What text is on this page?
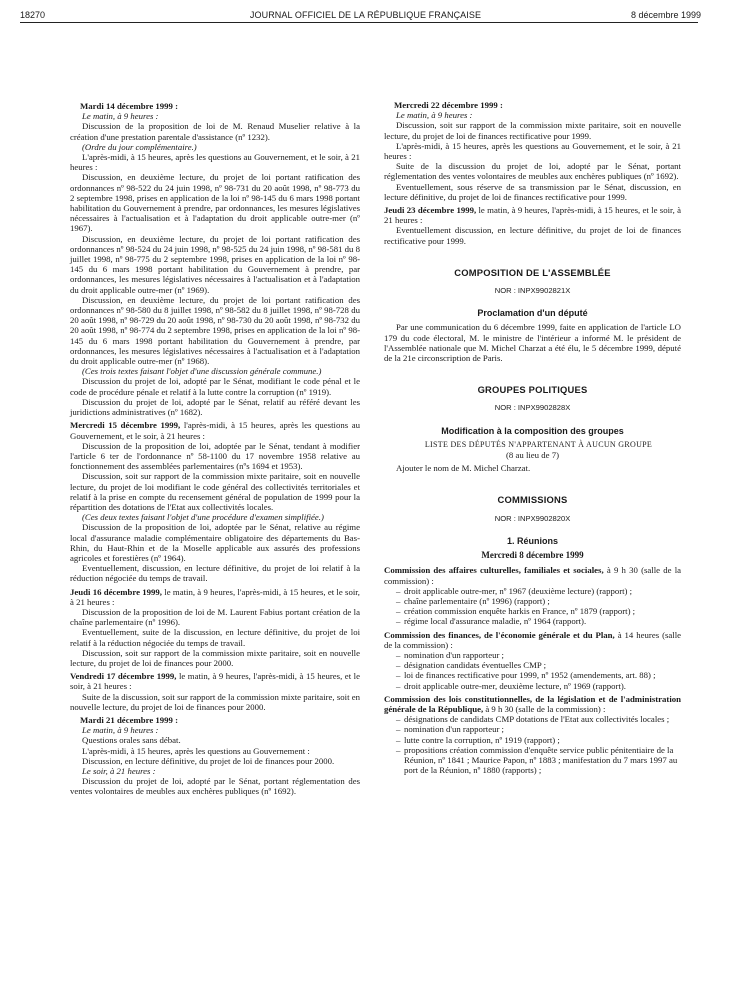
18270	JOURNAL OFFICIEL DE LA RÉPUBLIQUE FRANÇAISE	8 décembre 1999

Mardi 14 décembre 1999 :

Le matin, à 9 heures :

Discussion de la proposition de loi de M. Renaud Muselier relative à la création d'une prestation parentale d'assistance (nº 1232).

(Ordre du jour complémentaire.)

L'après-midi, à 15 heures, après les questions au Gouvernement, et le soir, à 21 heures :

Discussion, en deuxième lecture, du projet de loi portant ratification des ordonnances nº 98-522 du 24 juin 1998, nº 98-731 du 20 août 1998, nº 98-773 du 2 septembre 1998, prises en application de la loi nº 98-145 du 6 mars 1998 portant habilitation du Gouvernement à prendre, par ordonnances, les mesures législatives nécessaires à l'actualisation et à l'adaptation du droit applicable outre-mer (nº 1967).

Discussion, en deuxième lecture, du projet de loi portant ratification des ordonnances nº 98-524 du 24 juin 1998, nº 98-525 du 24 juin 1998, nº 98-581 du 8 juillet 1998, nº 98-775 du 2 septembre 1998, prises en application de la loi nº 98-145 du 6 mars 1998 portant habilitation du Gouvernement à prendre, par ordonnances, les mesures législatives nécessaires à l'actualisation et à l'adaptation du droit applicable outre-mer (nº 1969).

Discussion, en deuxième lecture, du projet de loi portant ratification des ordonnances nº 98-580 du 8 juillet 1998, nº 98-582 du 8 juillet 1998, nº 98-728 du 20 août 1998, nº 98-729 du 20 août 1998, nº 98-730 du 20 août 1998, nº 98-732 du 20 août 1998, nº 98-774 du 2 septembre 1998, prises en application de la loi nº 98-145 du 6 mars 1998 portant habilitation du Gouvernement à prendre, par ordonnances, les mesures législatives nécessaires à l'actualisation et à l'adaptation du droit applicable outre-mer (nº 1968).

(Ces trois textes faisant l'objet d'une discussion générale commune.)

Discussion du projet de loi, adopté par le Sénat, modifiant le code pénal et le code de procédure pénale et relatif à la lutte contre la corruption (nº 1919).

Discussion du projet de loi, adopté par le Sénat, relatif au référé devant les juridictions administratives (nº 1682).

Mercredi 15 décembre 1999, l'après-midi, à 15 heures, après les questions au Gouvernement, et le soir, à 21 heures :

Discussion de la proposition de loi, adoptée par le Sénat, tendant à modifier l'article 6 ter de l'ordonnance nº 58-1100 du 17 novembre 1958 relative au fonctionnement des assemblées parlementaires (nºs 1694 et 1953).

Discussion, soit sur rapport de la commission mixte paritaire, soit en nouvelle lecture, du projet de loi modifiant le code général des collectivités territoriales et relatif à la prise en compte du recensement général de population de 1999 pour la répartition des dotations de l'Etat aux collectivités locales.

(Ces deux textes faisant l'objet d'une procédure d'examen simplifiée.)

Discussion de la proposition de loi, adoptée par le Sénat, relative au régime local d'assurance maladie complémentaire obligatoire des départements du Bas-Rhin, du Haut-Rhin et de la Moselle applicable aux assurés des professions agricoles et forestières (nº 1964).

Eventuellement, discussion, en lecture définitive, du projet de loi relatif à la réduction négociée du temps de travail.

Jeudi 16 décembre 1999, le matin, à 9 heures, l'après-midi, à 15 heures, et le soir, à 21 heures :

Discussion de la proposition de loi de M. Laurent Fabius portant création de la chaîne parlementaire (nº 1996).

Eventuellement, suite de la discussion, en lecture définitive, du projet de loi relatif à la réduction négociée du temps de travail.

Discussion, soit sur rapport de la commission mixte paritaire, soit en nouvelle lecture, du projet de loi de finances pour 2000.

Vendredi 17 décembre 1999, le matin, à 9 heures, l'après-midi, à 15 heures, et le soir, à 21 heures :

Suite de la discussion, soit sur rapport de la commission mixte paritaire, soit en nouvelle lecture, du projet de loi de finances pour 2000.

Mardi 21 décembre 1999 :

Le matin, à 9 heures :

Questions orales sans débat.

L'après-midi, à 15 heures, après les questions au Gouvernement :

Discussion, en lecture définitive, du projet de loi de finances pour 2000.

Le soir, à 21 heures :

Discussion du projet de loi, adopté par le Sénat, portant réglementation des ventes volontaires de meubles aux enchères publiques (nº 1692).

Mercredi 22 décembre 1999 :

Le matin, à 9 heures :

Discussion, soit sur rapport de la commission mixte paritaire, soit en nouvelle lecture, du projet de loi de finances rectificative pour 1999.

L'après-midi, à 15 heures, après les questions au Gouvernement, et le soir, à 21 heures :

Suite de la discussion du projet de loi, adopté par le Sénat, portant réglementation des ventes volontaires de meubles aux enchères publiques (nº 1692).

Eventuellement, sous réserve de sa transmission par le Sénat, discussion, en lecture définitive, du projet de loi de finances rectificative pour 1999.

Jeudi 23 décembre 1999, le matin, à 9 heures, l'après-midi, à 15 heures, et le soir, à 21 heures :

Eventuellement discussion, en lecture définitive, du projet de loi de finances rectificative pour 1999.

COMPOSITION DE L'ASSEMBLÉE
NOR : INPX9902821X
Proclamation d'un député

Par une communication du 6 décembre 1999, faite en application de l'article LO 179 du code électoral, M. le ministre de l'intérieur a informé M. le président de l'Assemblée nationale que M. Michel Charzat a été élu, le 5 décembre 1999, député de la 21e circonscription de Paris.

GROUPES POLITIQUES
NOR : INPX9902828X
Modification à la composition des groupes

LISTE DES DÉPUTÉS N'APPARTENANT À AUCUN GROUPE

(8 au lieu de 7)

Ajouter le nom de M. Michel Charzat.

COMMISSIONS
NOR : INPX9902820X
1. Réunions
Mercredi 8 décembre 1999

Commission des affaires culturelles, familiales et sociales, à 9 h 30 (salle de la commission) :

– droit applicable outre-mer, nº 1967 (deuxième lecture) (rapport) ;
– chaîne parlementaire (nº 1996) (rapport) ;
– création commission enquête harkis en France, nº 1879 (rapport) ;
– régime local d'assurance maladie, nº 1964 (rapport).

Commission des finances, de l'économie générale et du Plan, à 14 heures (salle de la commission) :

– nomination d'un rapporteur ;
– désignation candidats éventuelles CMP ;
– loi de finances rectificative pour 1999, nº 1952 (amendements, art. 88) ;
– droit applicable outre-mer, deuxième lecture, nº 1969 (rapport).

Commission des lois constitutionnelles, de la législation et de l'administration générale de la République, à 9 h 30 (salle de la commission) :

– désignations de candidats CMP dotations de l'Etat aux collectivités locales ;
– nomination d'un rapporteur ;
– lutte contre la corruption, nº 1919 (rapport) ;
– propositions création commission d'enquête service public pénitentiaire de la Réunion, nº 1841 ; Maurice Papon, nº 1883 ; manifestation du 7 mars 1997 au port de la Réunion, nº 1880 (rapports) ;
